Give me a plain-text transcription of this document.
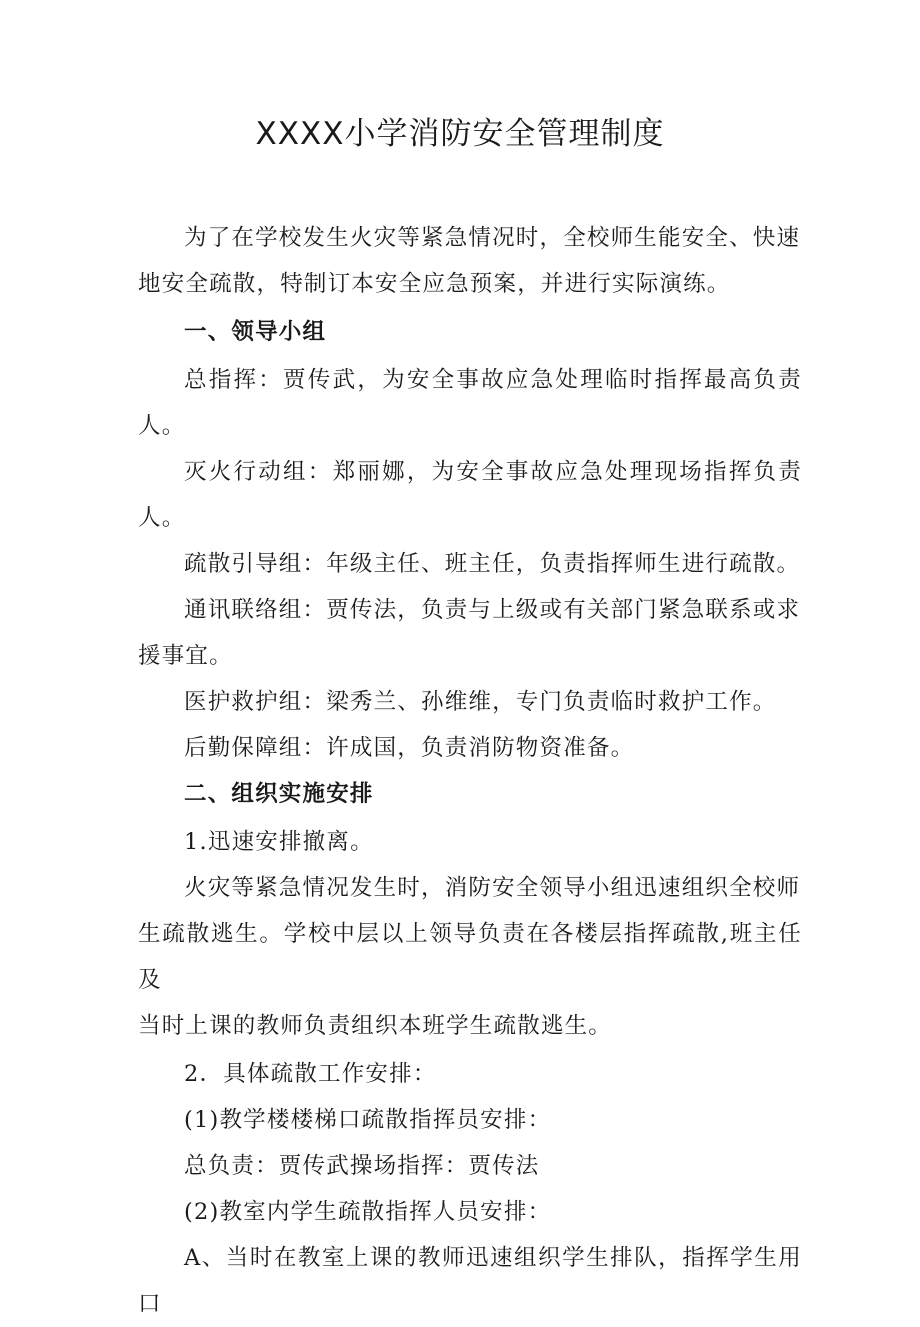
XXXX小学消防安全管理制度

为了在学校发生火灾等紧急情况时，全校师生能安全、快速

地安全疏散，特制订本安全应急预案，并进行实际演练。

一、领导小组

总指挥：贾传武，为安全事故应急处理临时指挥最高负责人。

灭火行动组：郑丽娜，为安全事故应急处理现场指挥负责人。

疏散引导组：年级主任、班主任，负责指挥师生进行疏散。

通讯联络组：贾传法，负责与上级或有关部门紧急联系或求

援事宜。

医护救护组：梁秀兰、孙维维，专门负责临时救护工作。

后勤保障组：许成国，负责消防物资准备。

二、组织实施安排

1.迅速安排撤离。

火灾等紧急情况发生时，消防安全领导小组迅速组织全校师

生疏散逃生。学校中层以上领导负责在各楼层指挥疏散,班主任及

当时上课的教师负责组织本班学生疏散逃生。

2．具体疏散工作安排：

(1)教学楼楼梯口疏散指挥员安排：

总负责：贾传武操场指挥：贾传法

(2)教室内学生疏散指挥人员安排：

A、当时在教室上课的教师迅速组织学生排队，指挥学生用口
